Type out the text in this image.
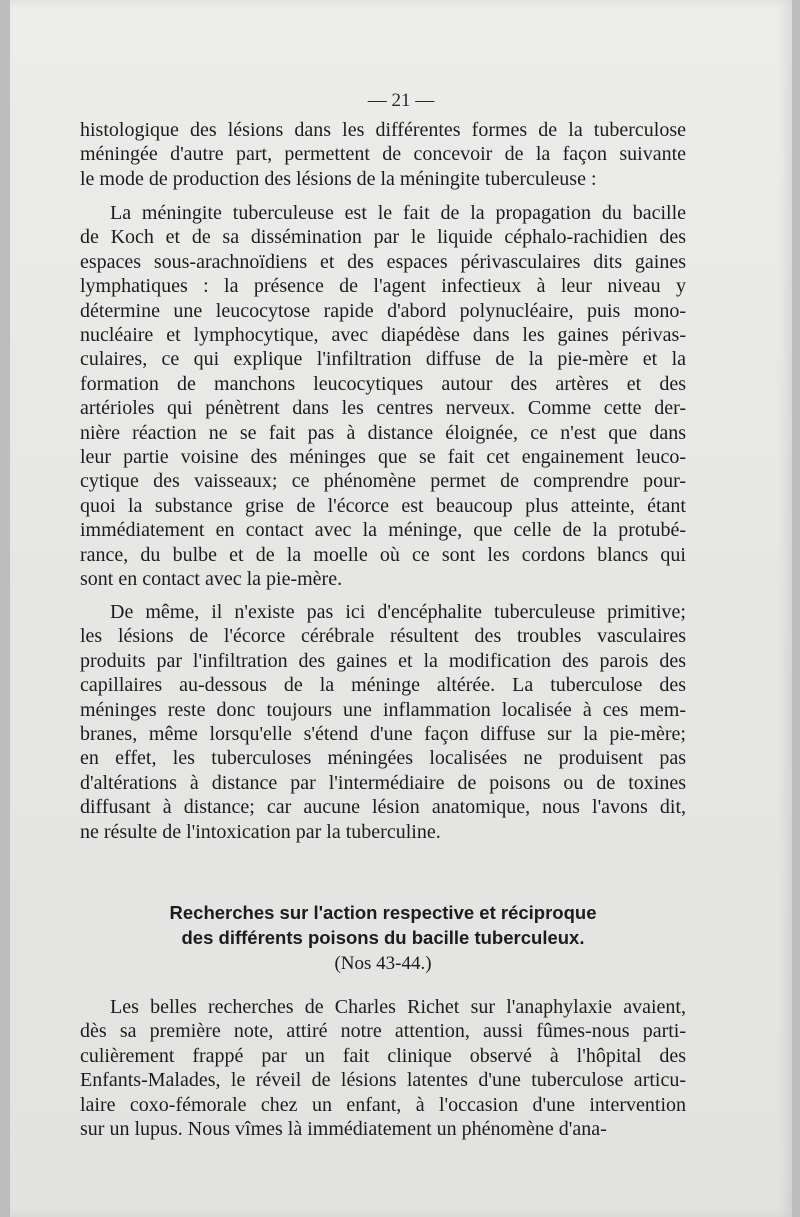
— 21 —
histologique des lésions dans les différentes formes de la tuberculose
méningée d'autre part, permettent de concevoir de la façon suivante
le mode de production des lésions de la méningite tuberculeuse :
La méningite tuberculeuse est le fait de la propagation du bacille
de Koch et de sa dissémination par le liquide céphalo-rachidien des
espaces sous-arachnoïdiens et des espaces périvasculaires dits gaines
lymphatiques : la présence de l'agent infectieux à leur niveau y
détermine une leucocytose rapide d'abord polynucléaire, puis mono-
nucléaire et lymphocytique, avec diapédèse dans les gaines périvas-
culaires, ce qui explique l'infiltration diffuse de la pie-mère et la
formation de manchons leucocytiques autour des artères et des
artérioles qui pénètrent dans les centres nerveux. Comme cette der-
nière réaction ne se fait pas à distance éloignée, ce n'est que dans
leur partie voisine des méninges que se fait cet engainement leuco-
cytique des vaisseaux; ce phénomène permet de comprendre pour-
quoi la substance grise de l'écorce est beaucoup plus atteinte, étant
immédiatement en contact avec la méninge, que celle de la protubé-
rance, du bulbe et de la moelle où ce sont les cordons blancs qui
sont en contact avec la pie-mère.
De même, il n'existe pas ici d'encéphalite tuberculeuse primitive;
les lésions de l'écorce cérébrale résultent des troubles vasculaires
produits par l'infiltration des gaines et la modification des parois des
capillaires au-dessous de la méninge altérée. La tuberculose des
méninges reste donc toujours une inflammation localisée à ces mem-
branes, même lorsqu'elle s'étend d'une façon diffuse sur la pie-mère;
en effet, les tuberculoses méningées localisées ne produisent pas
d'altérations à distance par l'intermédiaire de poisons ou de toxines
diffusant à distance; car aucune lésion anatomique, nous l'avons dit,
ne résulte de l'intoxication par la tuberculine.
Recherches sur l'action respective et réciproque
des différents poisons du bacille tuberculeux.
(Nos 43-44.)
Les belles recherches de Charles Richet sur l'anaphylaxie avaient,
dès sa première note, attiré notre attention, aussi fûmes-nous parti-
culièrement frappé par un fait clinique observé à l'hôpital des
Enfants-Malades, le réveil de lésions latentes d'une tuberculose articu-
laire coxo-fémorale chez un enfant, à l'occasion d'une intervention
sur un lupus. Nous vîmes là immédiatement un phénomène d'ana-
